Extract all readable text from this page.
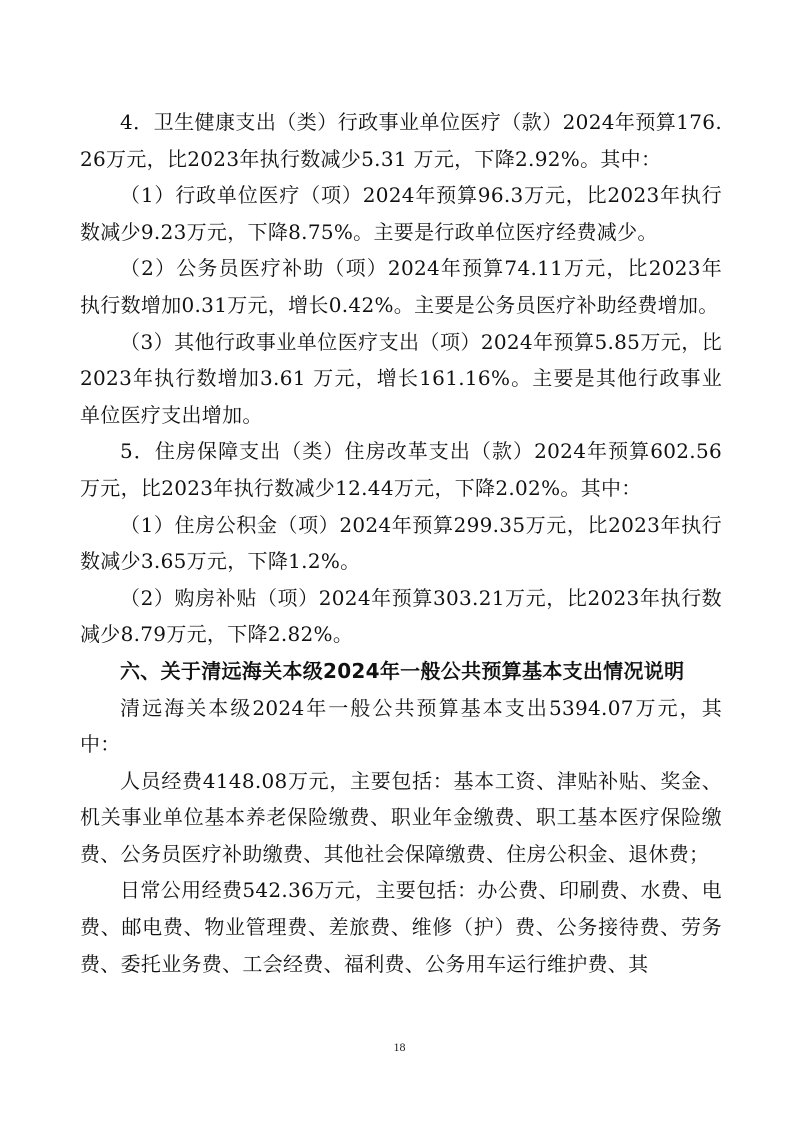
4．卫生健康支出（类）行政事业单位医疗（款）2024年预算176.26万元，比2023年执行数减少5.31 万元，下降2.92%。其中：

（1）行政单位医疗（项）2024年预算96.3万元，比2023年执行数减少9.23万元，下降8.75%。主要是行政单位医疗经费减少。

（2）公务员医疗补助（项）2024年预算74.11万元，比2023年执行数增加0.31万元，增长0.42%。主要是公务员医疗补助经费增加。

（3）其他行政事业单位医疗支出（项）2024年预算5.85万元，比2023年执行数增加3.61 万元，增长161.16%。主要是其他行政事业单位医疗支出增加。

5．住房保障支出（类）住房改革支出（款）2024年预算602.56万元，比2023年执行数减少12.44万元，下降2.02%。其中：

（1）住房公积金（项）2024年预算299.35万元，比2023年执行数减少3.65万元，下降1.2%。

（2）购房补贴（项）2024年预算303.21万元，比2023年执行数减少8.79万元，下降2.82%。

六、关于清远海关本级2024年一般公共预算基本支出情况说明

清远海关本级2024年一般公共预算基本支出5394.07万元，其中：

人员经费4148.08万元，主要包括：基本工资、津贴补贴、奖金、机关事业单位基本养老保险缴费、职业年金缴费、职工基本医疗保险缴费、公务员医疗补助缴费、其他社会保障缴费、住房公积金、退休费；

日常公用经费542.36万元，主要包括：办公费、印刷费、水费、电费、邮电费、物业管理费、差旅费、维修（护）费、公务接待费、劳务费、委托业务费、工会经费、福利费、公务用车运行维护费、其

18
